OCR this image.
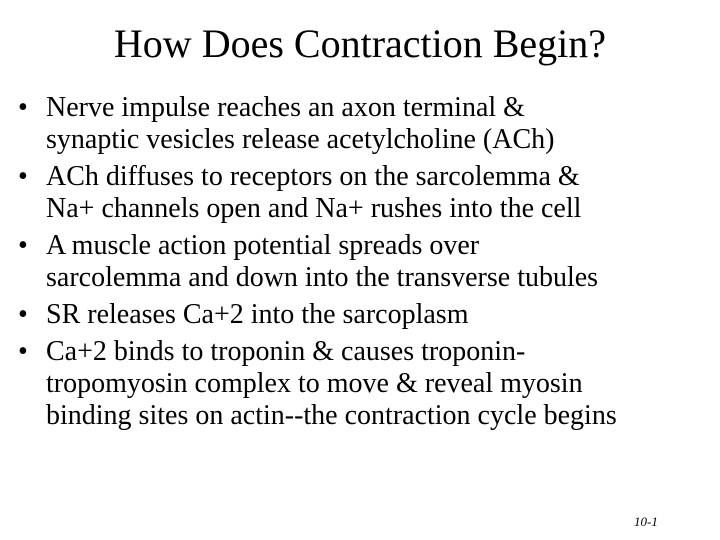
How Does Contraction Begin?
• Nerve impulse reaches an axon terminal &
synaptic vesicles release acetylcholine (ACh)
• ACh diffuses to receptors on the sarcolemma &
Na+ channels open and Na+ rushes into the cell
• A muscle action potential spreads over
sarcolemma and down into the transverse tubules
• SR releases Ca+2 into the sarcoplasm
• Ca+2 binds to troponin & causes troponin-
tropomyosin complex to move & reveal myosin
binding sites on actin--the contraction cycle begins
10-1
